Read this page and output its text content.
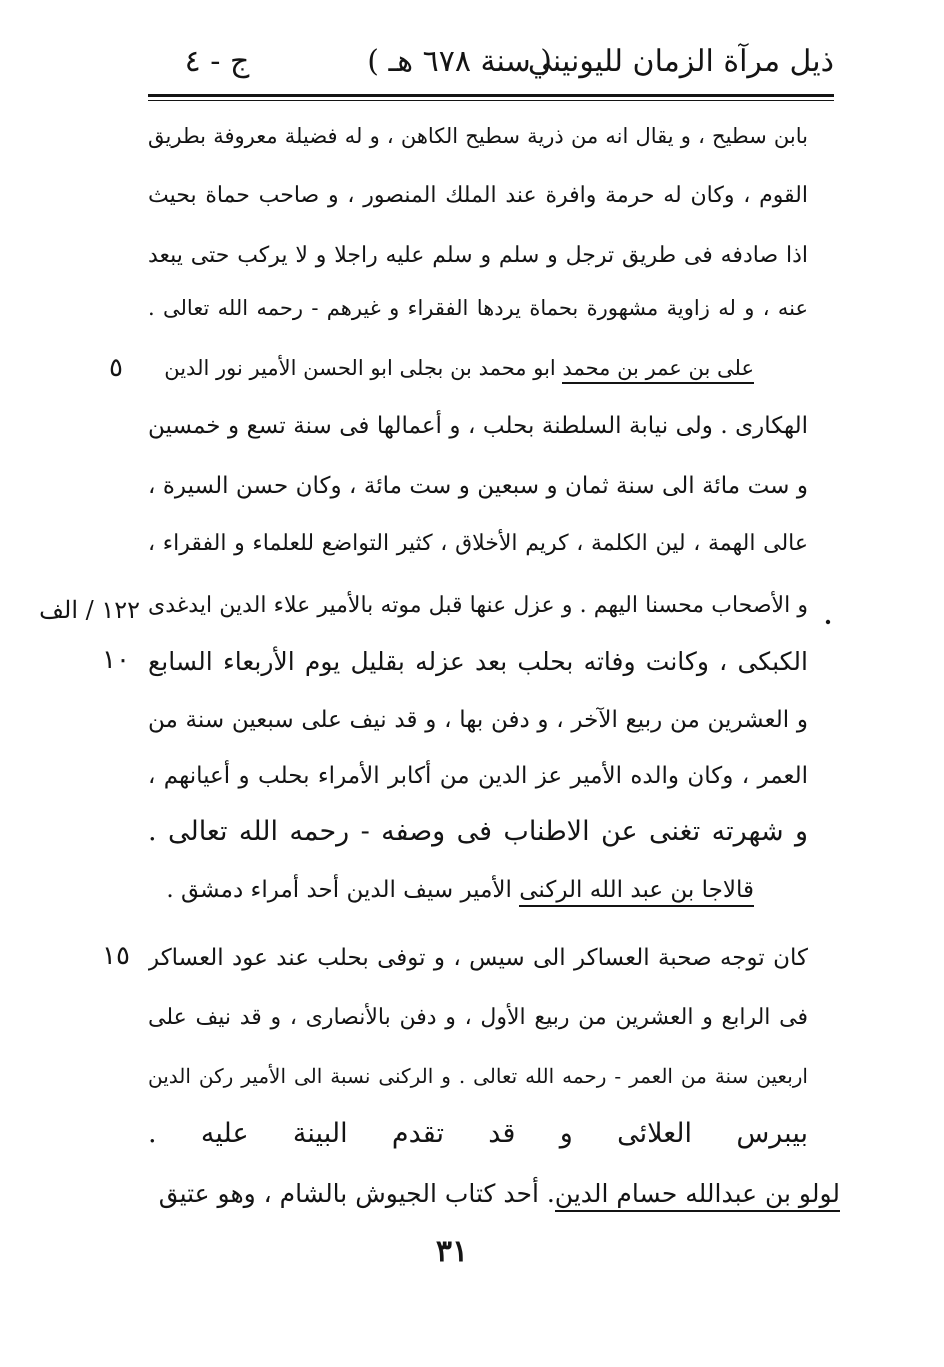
ذيل مرآة الزمان لليونيني
( سنة ٦٧٨ هـ )
ج - ٤
بابن سطيح ، و يقال انه من ذرية سطيح الكاهن ، و له فضيلة معروفة بطريق
القوم ، وكان له حرمة وافرة عند الملك المنصور ، و صاحب حماة بحيث
اذا صادفه فى طريق ترجل و سلم و سلم عليه راجلا و لا يركب حتى يبعد
عنه ، و له زاوية مشهورة بحماة يردها الفقراء و غيرهم - رحمه الله تعالى .
على بن عمر بن محمد ابو محمد بن بجلى ابو الحسن الأمير نور الدين
٥
الهكارى . ولى نيابة السلطنة بحلب ، و أعمالها فى سنة تسع و خمسين
و ست مائة الى سنة ثمان و سبعين و ست مائة ، وكان حسن السيرة ،
عالى الهمة ، لين الكلمة ، كريم الأخلاق ، كثير التواضع للعلماء و الفقراء ،
و الأصحاب محسنا اليهم . و عزل عنها قبل موته بالأمير علاء الدين ايدغدى
١٢٢ / الف
الكبكى ، وكانت وفاته بحلب بعد عزله بقليل يوم الأربعاء السابع
١٠
و العشرين من ربيع الآخر ، و دفن بها ، و قد نيف على سبعين سنة من
العمر ، وكان والده الأمير عز الدين من أكابر الأمراء بحلب و أعيانهم ،
و شهرته تغنى عن الاطناب فى وصفه - رحمه الله تعالى .
قالاجا بن عبد الله الركنى الأمير سيف الدين أحد أمراء دمشق .
كان توجه صحبة العساكر الى سيس ، و توفى بحلب عند عود العساكر
١٥
فى الرابع و العشرين من ربيع الأول ، و دفن بالأنصارى ، و قد نيف على
اربعين سنة من العمر - رحمه الله تعالى . و الركنى نسبة الى الأمير ركن الدين
بيبرس العلائى و قد تقدم البينة عليه .
لولو بن عبدالله حسام الدين. أحد كتاب الجيوش بالشام ، وهو عتيق
٣١
